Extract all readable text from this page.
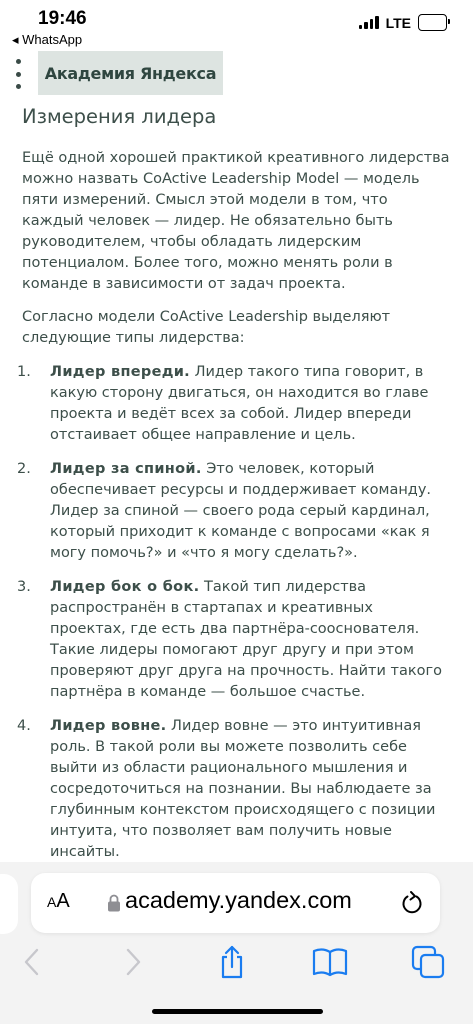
19:46
◂ WhatsApp
LTE
Академия Яндекса
Измерения лидера

Ещё одной хорошей практикой креативного лидерства можно назвать CoActive Leadership Model — модель пяти измерений. Смысл этой модели в том, что каждый человек — лидер. Не обязательно быть руководителем, чтобы обладать лидерским потенциалом. Более того, можно менять роли в команде в зависимости от задач проекта.

Согласно модели CoActive Leadership выделяют следующие типы лидерства:

1. Лидер впереди. Лидер такого типа говорит, в какую сторону двигаться, он находится во главе проекта и ведёт всех за собой. Лидер впереди отстаивает общее направление и цель.
2. Лидер за спиной. Это человек, который обеспечивает ресурсы и поддерживает команду. Лидер за спиной — своего рода серый кардинал, который приходит к команде с вопросами «как я могу помочь?» и «что я могу сделать?».
3. Лидер бок о бок. Такой тип лидерства распространён в стартапах и креативных проектах, где есть два партнёра-сооснователя. Такие лидеры помогают друг другу и при этом проверяют друг друга на прочность. Найти такого партнёра в команде — большое счастье.
4. Лидер вовне. Лидер вовне — это интуитивная роль. В такой роли вы можете позволить себе выйти из области рационального мышления и сосредоточиться на познании. Вы наблюдаете за глубинным контекстом происходящего с позиции интуита, что позволяет вам получить новые инсайты.
AA academy.yandex.com
